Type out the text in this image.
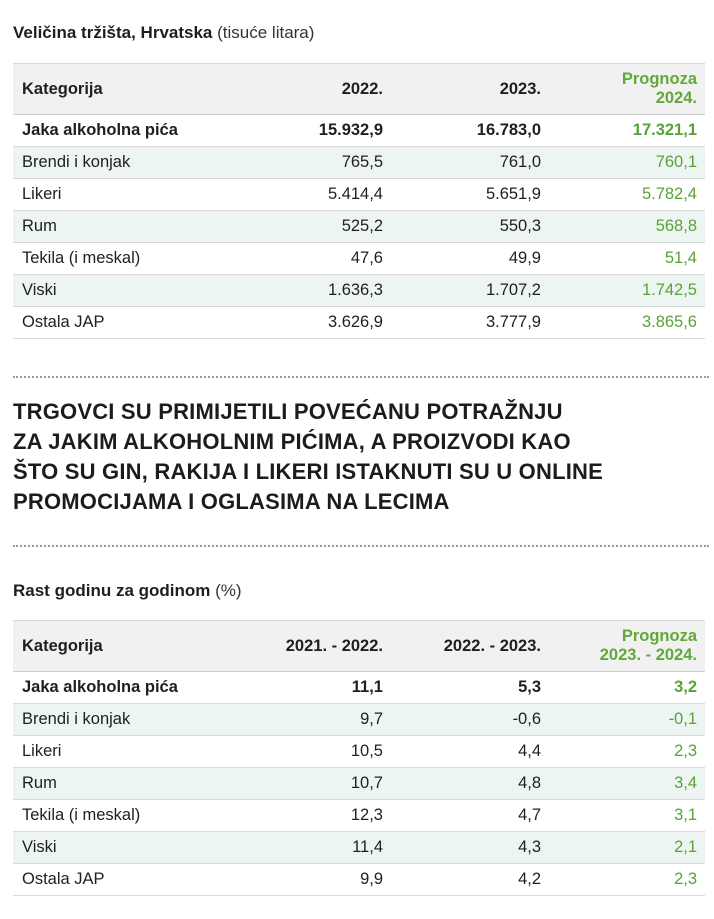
Veličina tržišta, Hrvatska (tisuće litara)
Kategorija	2022.	2023.	Prognoza
2024.
Jaka alkoholna pića	15.932,9	16.783,0	17.321,1
Brendi i konjak	765,5	761,0	760,1
Likeri	5.414,4	5.651,9	5.782,4
Rum	525,2	550,3	568,8
Tekila (i meskal)	47,6	49,9	51,4
Viski	1.636,3	1.707,2	1.742,5
Ostala JAP	3.626,9	3.777,9	3.865,6

TRGOVCI SU PRIMIJETILI POVEĆANU POTRAŽNJU
ZA JAKIM ALKOHOLNIM PIĆIMA, A PROIZVODI KAO
ŠTO SU GIN, RAKIJA I LIKERI ISTAKNUTI SU U ONLINE
PROMOCIJAMA I OGLASIMA NA LECIMA

Rast godinu za godinom (%)
Kategorija	2021. - 2022.	2022. - 2023.	Prognoza
2023. - 2024.
Jaka alkoholna pića	11,1	5,3	3,2
Brendi i konjak	9,7	-0,6	-0,1
Likeri	10,5	4,4	2,3
Rum	10,7	4,8	3,4
Tekila (i meskal)	12,3	4,7	3,1
Viski	11,4	4,3	2,1
Ostala JAP	9,9	4,2	2,3
